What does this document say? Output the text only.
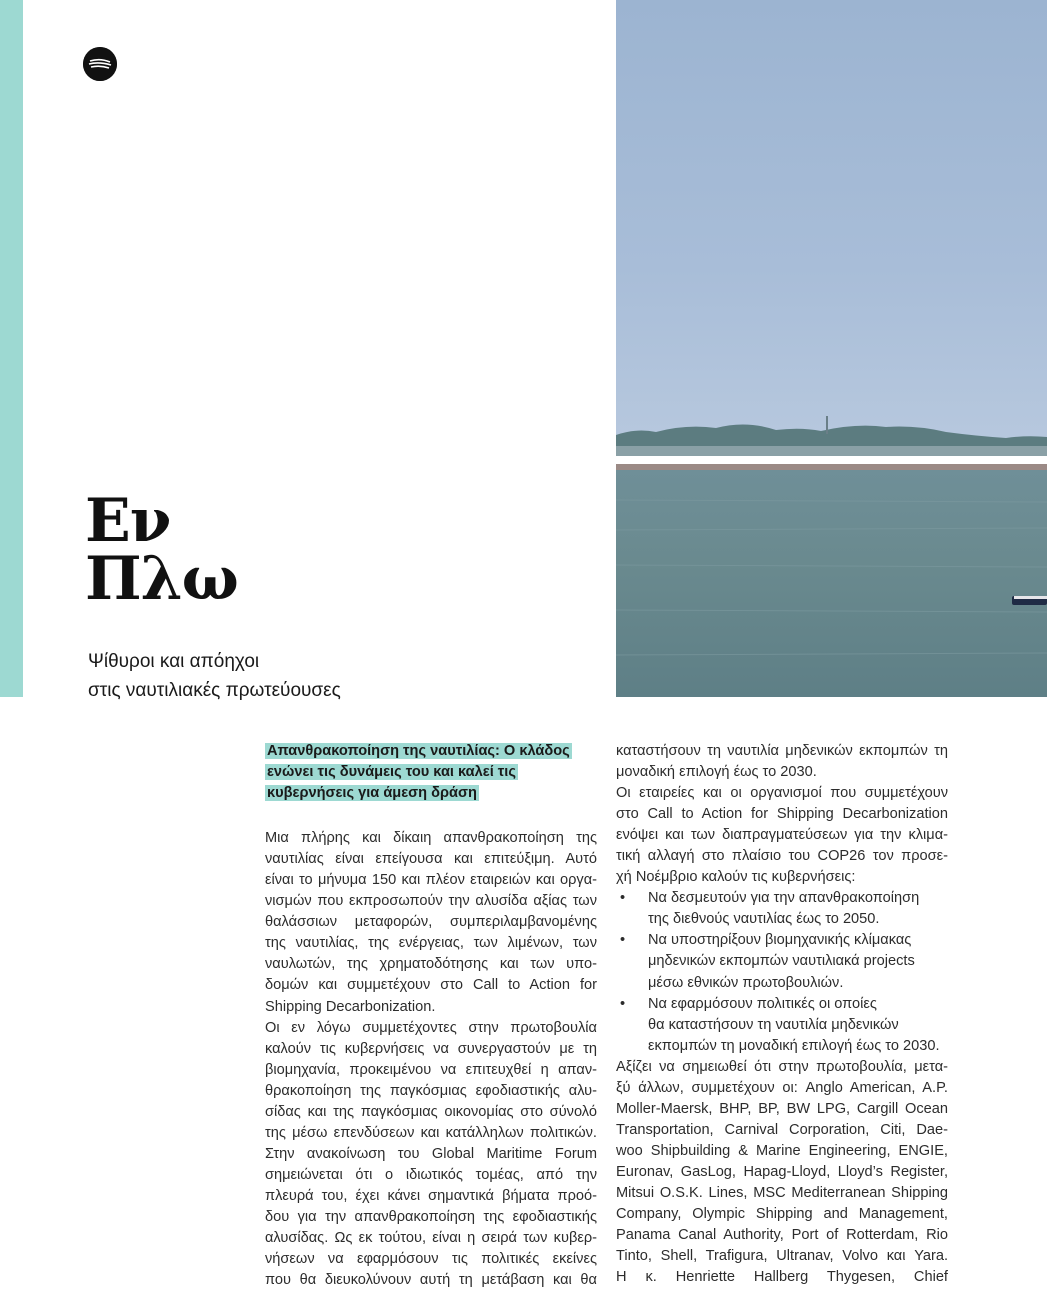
Εν
Πλω
Ψίθυροι και απόηχοι
στις ναυτιλιακές πρωτεύουσες
Απανθρακοποίηση της ναυτιλίας: Ο κλάδος
ενώνει τις δυνάμεις του και καλεί τις
κυβερνήσεις για άμεση δράση
Μια πλήρης και δίκαιη απανθρακοποίηση της
ναυτιλίας είναι επείγουσα και επιτεύξιμη. Αυτό
είναι το μήνυμα 150 και πλέον εταιρειών και οργα-
νισμών που εκπροσωπούν την αλυσίδα αξίας των
θαλάσσιων μεταφορών, συμπεριλαμβανομένης
της ναυτιλίας, της ενέργειας, των λιμένων, των
ναυλωτών, της χρηματοδότησης και των υπο-
δομών και συμμετέχουν στο Call to Action for
Shipping Decarbonization.
Οι εν λόγω συμμετέχοντες στην πρωτοβουλία
καλούν τις κυβερνήσεις να συνεργαστούν με τη
βιομηχανία, προκειμένου να επιτευχθεί η απαν-
θρακοποίηση της παγκόσμιας εφοδιαστικής αλυ-
σίδας και της παγκόσμιας οικονομίας στο σύνολό
της μέσω επενδύσεων και κατάλληλων πολιτικών.
Στην ανακοίνωση του Global Maritime Forum
σημειώνεται ότι ο ιδιωτικός τομέας, από την
πλευρά του, έχει κάνει σημαντικά βήματα προό-
δου για την απανθρακοποίηση της εφοδιαστικής
αλυσίδας. Ως εκ τούτου, είναι η σειρά των κυβερ-
νήσεων να εφαρμόσουν τις πολιτικές εκείνες
που θα διευκολύνουν αυτή τη μετάβαση και θα
καταστήσουν τη ναυτιλία μηδενικών εκπομπών τη
μοναδική επιλογή έως το 2030.
Οι εταιρείες και οι οργανισμοί που συμμετέχουν
στο Call to Action for Shipping Decarbonization
ενόψει και των διαπραγματεύσεων για την κλιμα-
τική αλλαγή στο πλαίσιο του COP26 τον προσε-
χή Νοέμβριο καλούν τις κυβερνήσεις:
• Να δεσμευτούν για την απανθρακοποίηση
της διεθνούς ναυτιλίας έως το 2050.
• Να υποστηρίξουν βιομηχανικής κλίμακας
μηδενικών εκπομπών ναυτιλιακά projects
μέσω εθνικών πρωτοβουλιών.
• Να εφαρμόσουν πολιτικές οι οποίες
θα καταστήσουν τη ναυτιλία μηδενικών
εκπομπών τη μοναδική επιλογή έως το 2030.
Αξίζει να σημειωθεί ότι στην πρωτοβουλία, μετα-
ξύ άλλων, συμμετέχουν οι: Anglo American, A.P.
Moller-Maersk, BHP, BP, BW LPG, Cargill Ocean
Transportation, Carnival Corporation, Citi, Dae-
woo Shipbuilding & Marine Engineering, ENGIE,
Euronav, GasLog, Hapag-Lloyd, Lloyd’s Register,
Mitsui O.S.K. Lines, MSC Mediterranean Shipping
Company, Olympic Shipping and Management,
Panama Canal Authority, Port of Rotterdam, Rio
Tinto, Shell, Trafigura, Ultranav, Volvo και Yara.
Η κ. Henriette Hallberg Thygesen, Chief
